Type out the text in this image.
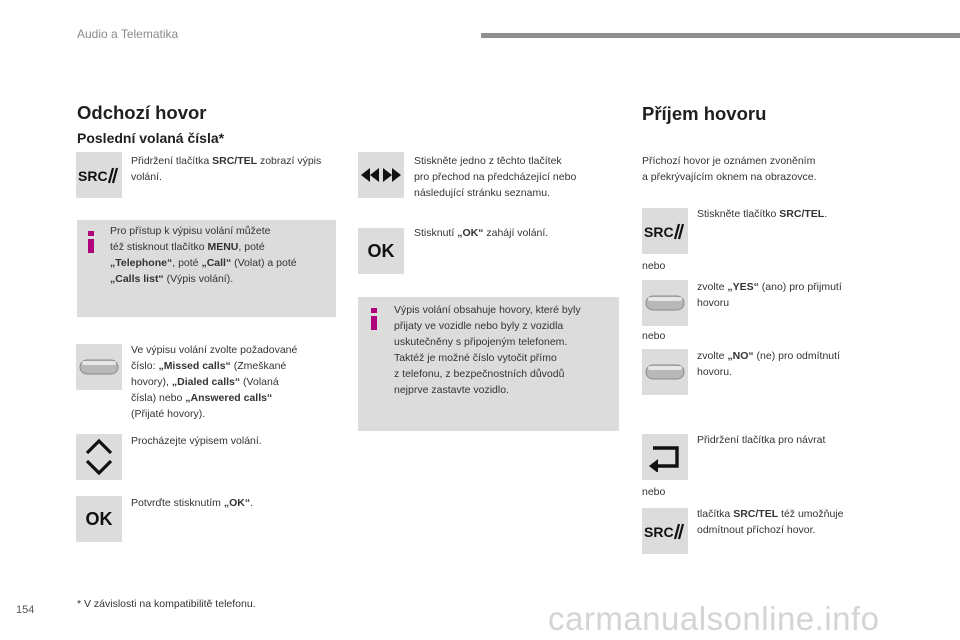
Audio a Telematika
Odchozí hovor
Poslední volaná čísla*
SRC
Přidržení tlačítka SRC/TEL zobrazí výpis volání.
Pro přístup k výpisu volání můžete
též stisknout tlačítko MENU, poté
„Telephone“, poté „Call“ (Volat) a poté
„Calls list“ (Výpis volání).
Ve výpisu volání zvolte požadované
číslo: „Missed calls“ (Zmeškané
hovory), „Dialed calls“ (Volaná
čísla) nebo „Answered calls“
(Přijaté hovory).
Procházejte výpisem volání.
OK
Potvrďte stisknutím „OK“.
* V závislosti na kompatibilitě telefonu.
Stiskněte jedno z těchto tlačítek
pro přechod na předcházející nebo
následující stránku seznamu.
OK
Stisknutí „OK“ zahájí volání.
Výpis volání obsahuje hovory, které byly
přijaty ve vozidle nebo byly z vozidla
uskutečněny s připojeným telefonem.
Taktéž je možné číslo vytočit přímo
z telefonu, z bezpečnostních důvodů
nejprve zastavte vozidlo.
Příjem hovoru
Příchozí hovor je oznámen zvoněním
a překrývajícím oknem na obrazovce.
SRC
Stiskněte tlačítko SRC/TEL.
nebo
zvolte „YES“ (ano) pro přijmutí
hovoru
nebo
zvolte „NO“ (ne) pro odmítnutí
hovoru.
Přidržení tlačítka pro návrat
nebo
SRC
tlačítka SRC/TEL též umožňuje
odmítnout příchozí hovor.
154	carmanualsonline.info
